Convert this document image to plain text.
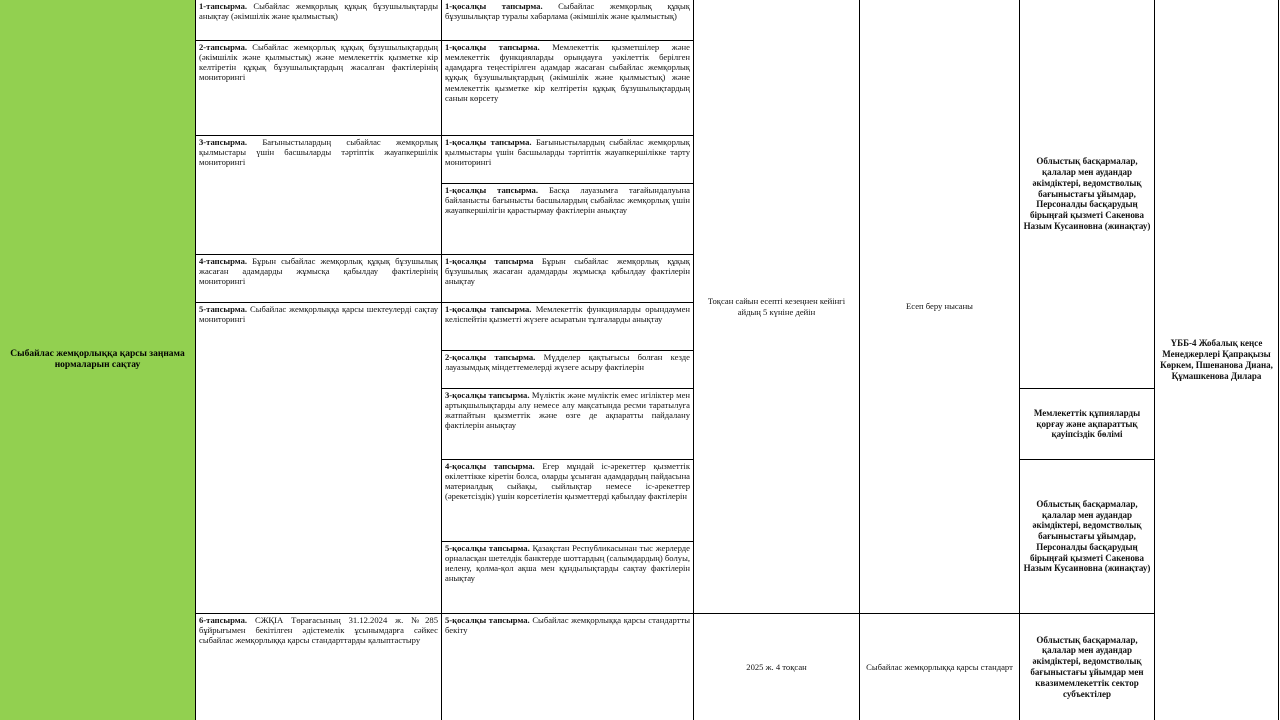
Сыбайлас жемқорлыққа қарсы заңнама нормаларын сақтау
1-тапсырма. Сыбайлас жемқорлық құқық бұзушылықтарды анықтау (әкімшілік және қылмыстық)
2-тапсырма. Сыбайлас жемқорлық құқық бұзушылықтардың (әкімшілік және қылмыстық) және мемлекеттік қызметке кір келтіретін құқық бұзушылықтардың жасалған фактілерінің мониторингі
3-тапсырма. Бағыныстылардың сыбайлас жемқорлық қылмыстары үшін басшыларды тәртіптік жауапкершілік мониторингі
4-тапсырма. Бұрын сыбайлас жемқорлық құқық бұзушылық жасаған адамдарды жұмысқа қабылдау фактілерінің мониторингі
5-тапсырма. Сыбайлас жемқорлыққа қарсы шектеулерді сақтау мониторингі
6-тапсырма. СЖҚІА Төрағасының 31.12.2024 ж. №285 бұйрығымен бекітілген әдістемелік ұсынымдарға сәйкес сыбайлас жемқорлыққа қарсы стандарттарды қалыптастыру
1-қосалқы тапсырма. Сыбайлас жемқорлық құқық бұзушылықтар туралы хабарлама (әкімшілік және қылмыстық)
1-қосалқы тапсырма. Мемлекеттік қызметшілер және мемлекеттік функцияларды орындауға уәкілеттік берілген адамдарға теңестірілген адамдар жасаған сыбайлас жемқорлық құқық бұзушылықтардың (әкімшілік және қылмыстық) және мемлекеттік қызметке кір келтіретін құқық бұзушылықтардың санын көрсету
1-қосалқы тапсырма. Бағыныстылардың сыбайлас жемқорлық қылмыстары үшін басшыларды тәртіптік жауапкершілікке тарту мониторингі
1-қосалқы тапсырма. Басқа лауазымға тағайындалуына байланысты бағынысты басшылардың сыбайлас жемқорлық үшін жауапкершілігін қарастырмау фактілерін анықтау
1-қосалқы тапсырма Бұрын сыбайлас жемқорлық құқық бұзушылық жасаған адамдарды жұмысқа қабылдау фактілерін анықтау
1-қосалқы тапсырма. Мемлекеттік функцияларды орындаумен келіспейтін қызметті жүзеге асыратын тұлғаларды анықтау
2-қосалқы тапсырма. Мүдделер қақтығысы болған кезде лауазымдық міндеттемелерді жүзеге асыру фактілерін
3-қосалқы тапсырма. Мүліктік және мүліктік емес игіліктер мен артықшылықтарды алу немесе алу мақсатында ресми таратылуға жатпайтын қызметтік және өзге де ақпаратты пайдалану фактілерін анықтау
4-қосалқы тапсырма. Егер мұндай іс-әрекеттер қызметтік өкілеттікке кіретін болса, оларды ұсынған адамдардың пайдасына материалдық сыйақы, сыйлықтар немесе іс-әрекеттер (әрекетсіздік) үшін көрсетілетін қызметтерді қабылдау фактілерін
5-қосалқы тапсырма. Қазақстан Республикасынан тыс жерлерде орналасқан шетелдік банктерде шоттардың (салымдардың) болуы, иелену, қолма-қол ақша мен құндылықтарды сақтау фактілерін анықтау
5-қосалқы тапсырма. Сыбайлас жемқорлыққа қарсы стандартты бекіту
Тоқсан сайын есепті кезеңнен кейінгі айдың 5 күніне дейін
2025 ж. 4 тоқсан
Есеп беру нысаны
Сыбайлас жемқорлыққа қарсы стандарт
Облыстық басқармалар, қалалар мен аудандар әкімдіктері, ведомстволық бағыныстағы ұйымдар, Персоналды басқарудың бірыңғай қызметі Сакенова Назым Кусаиновна (жинақтау)
Мемлекеттік құпияларды қорғау және ақпараттық қауіпсіздік бөлімі
Облыстық басқармалар, қалалар мен аудандар әкімдіктері, ведомстволық бағыныстағы ұйымдар, Персоналды басқарудың бірыңғай қызметі Сакенова Назым Кусаиновна (жинақтау)
Облыстық басқармалар, қалалар мен аудандар әкімдіктері, ведомстволық бағыныстағы ұйымдар мен квазимемлекеттік сектор субъектілер
ҮББ-4 Жобалық кеңсе Менеджерлері Қапрақызы Көркем, Пшенанова Диана, Құмашкенова Дилара
